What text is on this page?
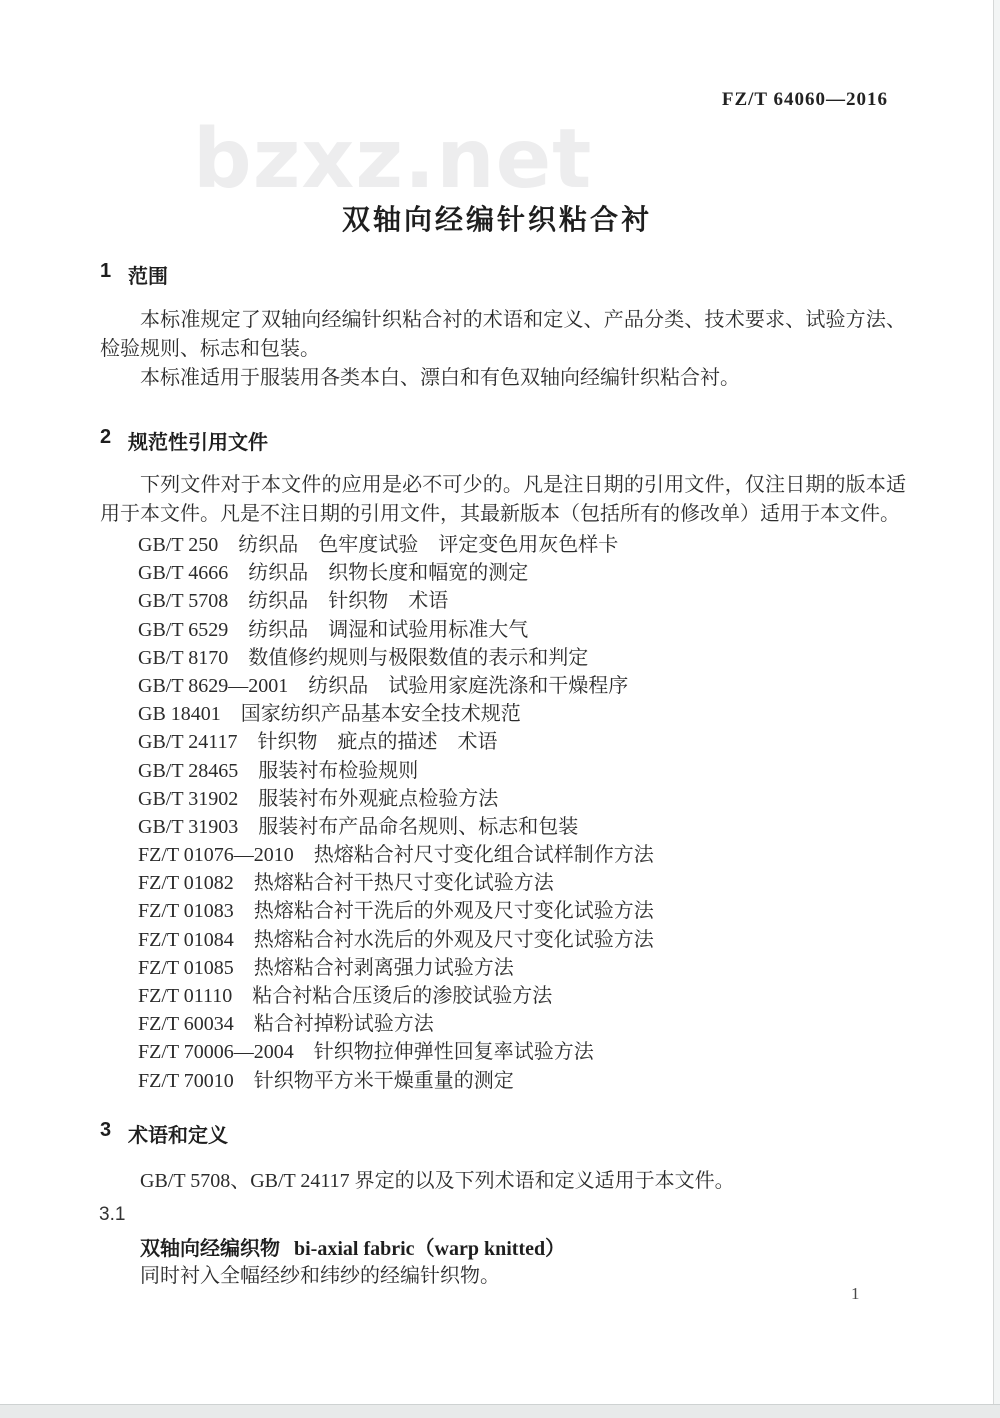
bzxz.net
FZ/T 64060—2016
双轴向经编针织粘合衬
1 范围

本标准规定了双轴向经编针织粘合衬的术语和定义、产品分类、技术要求、试验方法、检验规则、标志和包装。

本标准适用于服装用各类本白、漂白和有色双轴向经编针织粘合衬。

2 规范性引用文件

下列文件对于本文件的应用是必不可少的。凡是注日期的引用文件，仅注日期的版本适用于本文件。凡是不注日期的引用文件，其最新版本（包括所有的修改单）适用于本文件。

GB/T 250　纺织品　色牢度试验　评定变色用灰色样卡
GB/T 4666　纺织品　织物长度和幅宽的测定
GB/T 5708　纺织品　针织物　术语
GB/T 6529　纺织品　调湿和试验用标准大气
GB/T 8170　数值修约规则与极限数值的表示和判定
GB/T 8629—2001　纺织品　试验用家庭洗涤和干燥程序
GB 18401　国家纺织产品基本安全技术规范
GB/T 24117　针织物　疵点的描述　术语
GB/T 28465　服装衬布检验规则
GB/T 31902　服装衬布外观疵点检验方法
GB/T 31903　服装衬布产品命名规则、标志和包装
FZ/T 01076—2010　热熔粘合衬尺寸变化组合试样制作方法
FZ/T 01082　热熔粘合衬干热尺寸变化试验方法
FZ/T 01083　热熔粘合衬干洗后的外观及尺寸变化试验方法
FZ/T 01084　热熔粘合衬水洗后的外观及尺寸变化试验方法
FZ/T 01085　热熔粘合衬剥离强力试验方法
FZ/T 01110　粘合衬粘合压烫后的渗胶试验方法
FZ/T 60034　粘合衬掉粉试验方法
FZ/T 70006—2004　针织物拉伸弹性回复率试验方法
FZ/T 70010　针织物平方米干燥重量的测定
3 术语和定义

GB/T 5708、GB/T 24117 界定的以及下列术语和定义适用于本文件。

3.1
双轴向经编织物 bi-axial fabric（warp knitted）
同时衬入全幅经纱和纬纱的经编针织物。
1
